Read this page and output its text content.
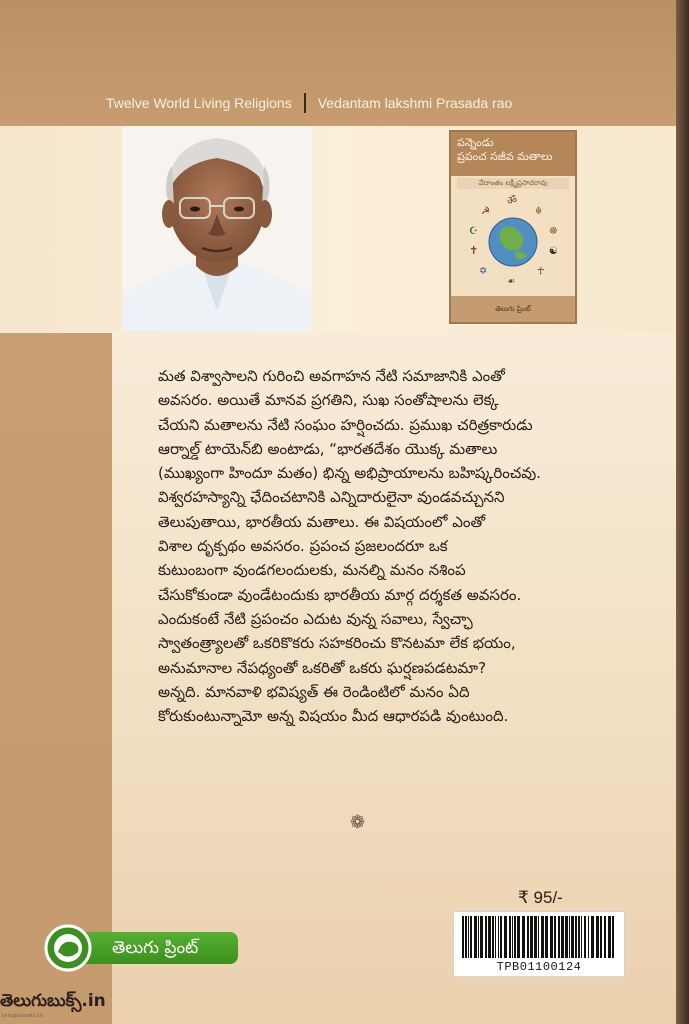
Twelve World Living Religions Vedantam lakshmi Prasada rao
పన్నెండు
ప్రపంచ సజీవ మతాలు
వేదాంతం లక్ష్మీప్రసాదరావు
ॐ
☭	☬
☪	☸
✝	☯
✡	☥
☙
తెలుగు ప్రింట్
మత విశ్వాసాలని గురించి అవగాహన నేటి సమాజానికి ఎంతో
అవసరం. అయితే మానవ ప్రగతిని, సుఖ సంతోషాలను లెక్క
చేయని మతాలను నేటి సంఘం హర్షించదు. ప్రముఖ చరిత్రకారుడు
ఆర్నాల్డ్ టాయెన్‌బి అంటాడు, “భారతదేశం యొక్క మతాలు
(ముఖ్యంగా హిందూ మతం) భిన్న అభిప్రాయాలను బహిష్కరించవు.
విశ్వరహస్యాన్ని ఛేదించటానికి ఎన్నిదారులైనా వుండవచ్చునని
తెలుపుతాయి, భారతీయ మతాలు. ఈ విషయంలో ఎంతో
విశాల దృక్పథం అవసరం. ప్రపంచ ప్రజలందరూ ఒక
కుటుంబంగా వుండగలందులకు, మనల్ని మనం నశింప
చేసుకోకుండా వుండేటందుకు భారతీయ మార్గ దర్శకత అవసరం.
ఎందుకంటే నేటి ప్రపంచం ఎదుట వున్న సవాలు, స్వేచ్ఛా
స్వాతంత్ర్యాలతో ఒకరికొకరు సహకరించు కొనటమా లేక భయం,
అనుమానాల నేపధ్యంతో ఒకరితో ఒకరు ఘర్షణపడటమా?
అన్నది. మానవాళి భవిష్యత్ ఈ రెండింటిలో మనం ఏది
కోరుకుంటున్నామో అన్న విషయం మీద ఆధారపడి వుంటుంది.
❁
₹ 95/-
TPB01100124
తెలుగు ప్రింట్
తెలుగుబుక్స్.in
telugubooks.in
